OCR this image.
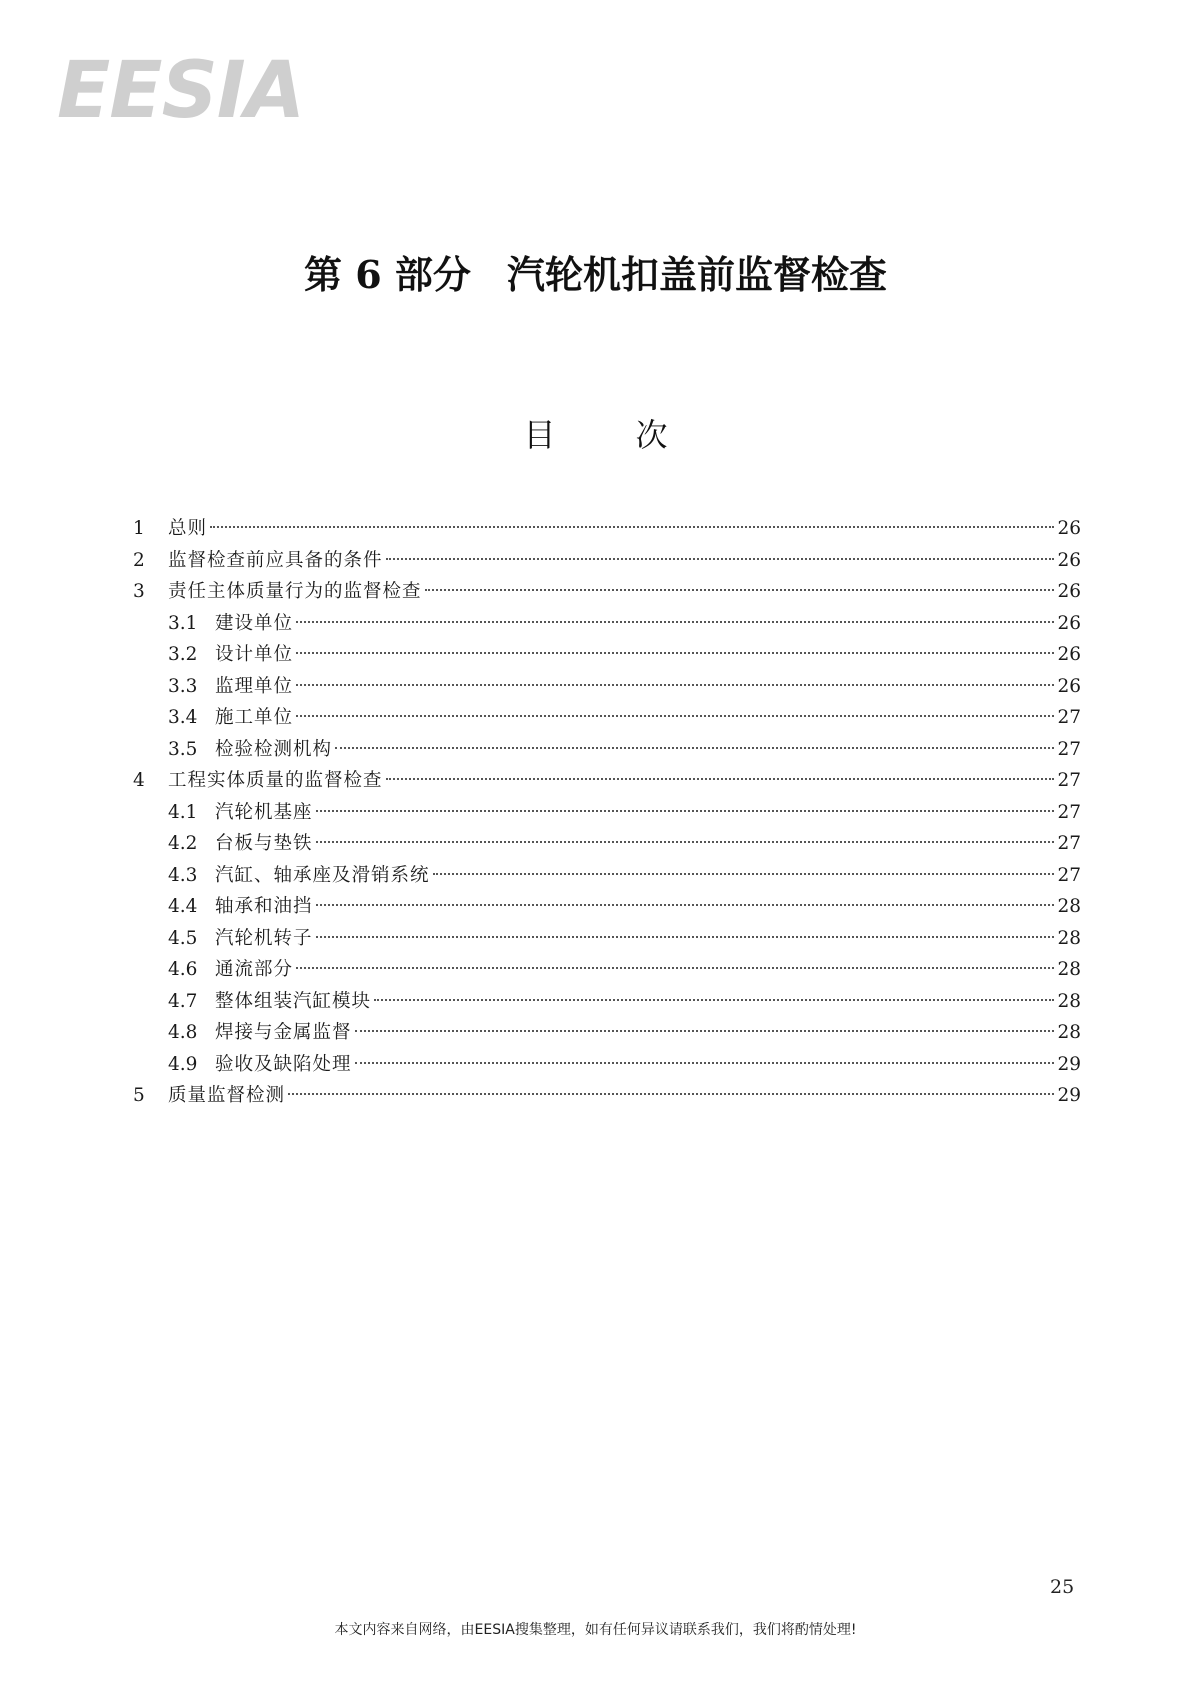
EESIA
第 6 部分 汽轮机扣盖前监督检查
目次
1	总则	26
2	监督检查前应具备的条件	26
3	责任主体质量行为的监督检查	26
3.1 建设单位	26
3.2 设计单位	26
3.3 监理单位	26
3.4 施工单位	27
3.5 检验检测机构	27
4	工程实体质量的监督检查	27
4.1 汽轮机基座	27
4.2 台板与垫铁	27
4.3 汽缸、轴承座及滑销系统	27
4.4 轴承和油挡	28
4.5 汽轮机转子	28
4.6 通流部分	28
4.7 整体组装汽缸模块	28
4.8 焊接与金属监督	28
4.9 验收及缺陷处理	29
5	质量监督检测	29
25
本文内容来自网络，由EESIA搜集整理，如有任何异议请联系我们，我们将酌情处理!
